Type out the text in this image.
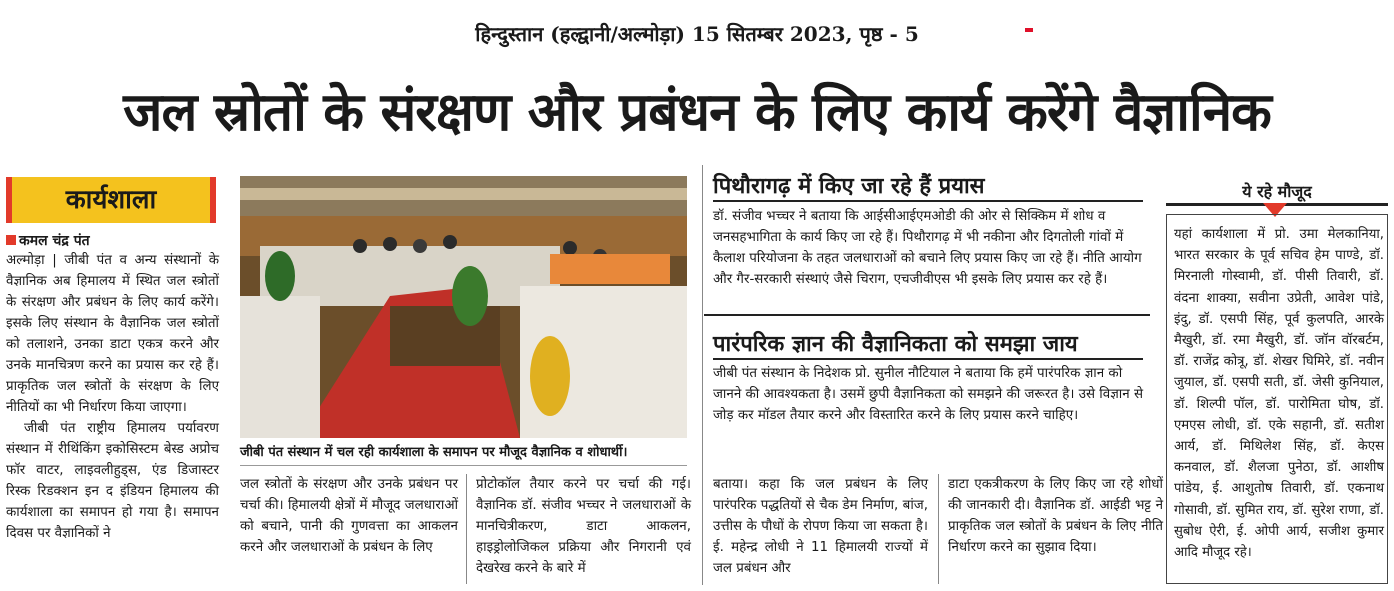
हिन्दुस्तान (हल्द्वानी/अल्मोड़ा) 15 सितम्बर 2023, पृष्ठ - 5
जल स्रोतों के संरक्षण और प्रबंधन के लिए कार्य करेंगे वैज्ञानिक
कार्यशाला
कमल चंद्र पंत

अल्मोड़ा | जीबी पंत व अन्य संस्थानों के वैज्ञानिक अब हिमालय में स्थित जल स्त्रोतों के संरक्षण और प्रबंधन के लिए कार्य करेंगे। इसके लिए संस्थान के वैज्ञानिक जल स्त्रोतों को तलाशने, उनका डाटा एकत्र करने और उनके मानचित्रण करने का प्रयास कर रहे हैं। प्राकृतिक जल स्त्रोतों के संरक्षण के लिए नीतियों का भी निर्धारण किया जाएगा।

जीबी पंत राष्ट्रीय हिमालय पर्यावरण संस्थान में रीथिंकिंग इकोसिस्टम बेस्ड अप्रोच फॉर वाटर, लाइवलीहुड्स, एंड डिजास्टर रिस्क रिडक्शन इन द इंडियन हिमालय की कार्यशाला का समापन हो गया है। समापन दिवस पर वैज्ञानिकों ने

जीबी पंत संस्थान में चल रही कार्यशाला के समापन पर मौजूद वैज्ञानिक व शोधार्थी।
जल स्त्रोतों के संरक्षण और उनके प्रबंधन पर चर्चा की। हिमालयी क्षेत्रों में मौजूद जलधाराओं को बचाने, पानी की गुणवत्ता का आकलन करने और जलधाराओं के प्रबंधन के लिए
प्रोटोकॉल तैयार करने पर चर्चा की गई। वैज्ञानिक डॉ. संजीव भच्चर ने जलधाराओं के मानचित्रीकरण, डाटा आकलन, हाइड्रोलोजिकल प्रक्रिया और निगरानी एवं देखरेख करने के बारे में
पिथौरागढ़ में किए जा रहे हैं प्रयास
डॉ. संजीव भच्चर ने बताया कि आईसीआईएमओडी की ओर से सिक्किम में शोध व जनसहभागिता के कार्य किए जा रहे हैं। पिथौरागढ़ में भी नकीना और दिगतोली गांवों में कैलाश परियोजना के तहत जलधाराओं को बचाने लिए प्रयास किए जा रहे हैं। नीति आयोग और गैर-सरकारी संस्थाएं जैसे चिराग, एचजीवीएस भी इसके लिए प्रयास कर रहे हैं।
पारंपरिक ज्ञान की वैज्ञानिकता को समझा जाय
जीबी पंत संस्थान के निदेशक प्रो. सुनील नौटियाल ने बताया कि हमें पारंपरिक ज्ञान को जानने की आवश्यकता है। उसमें छुपी वैज्ञानिकता को समझने की जरूरत है। उसे विज्ञान से जोड़ कर मॉडल तैयार करने और विस्तारित करने के लिए प्रयास करने चाहिए।
बताया। कहा कि जल प्रबंधन के लिए पारंपरिक पद्धतियों से चैक डेम निर्माण, बांज, उत्तीस के पौधों के रोपण किया जा सकता है। ई. महेन्द्र लोधी ने 11 हिमालयी राज्यों में जल प्रबंधन और
डाटा एकत्रीकरण के लिए किए जा रहे शोधों की जानकारी दी। वैज्ञानिक डॉ. आईडी भट्ट ने प्राकृतिक जल स्त्रोतों के प्रबंधन के लिए नीति निर्धारण करने का सुझाव दिया।
ये रहे मौजूद
यहां कार्यशाला में प्रो. उमा मेलकानिया, भारत सरकार के पूर्व सचिव हेम पाण्डे, डॉ. मिरनाली गोस्वामी, डॉ. पीसी तिवारी, डॉ. वंदना शाक्या, सवीना उप्रेती, आवेश पांडे, इंदु, डॉ. एसपी सिंह, पूर्व कुलपति, आरके मैखुरी, डॉ. रमा मैखुरी, डॉ. जॉन वॉरबर्टम, डॉ. राजेंद्र कोत्रू, डॉ. शेखर घिमिरे, डॉ. नवीन जुयाल, डॉ. एसपी सती, डॉ. जेसी कुनियाल, डॉ. शिल्पी पॉल, डॉ. पारोमिता घोष, डॉ. एमएस लोधी, डॉ. एके सहानी, डॉ. सतीश आर्य, डॉ. मिथिलेश सिंह, डॉ. केएस कनवाल, डॉ. शैलजा पुनेठा, डॉ. आशीष पांडेय, ई. आशुतोष तिवारी, डॉ. एकनाथ गोसावी, डॉ. सुमित राय, डॉ. सुरेश राणा, डॉ. सुबोध ऐरी, ई. ओपी आर्य, सजीश कुमार आदि मौजूद रहे।
